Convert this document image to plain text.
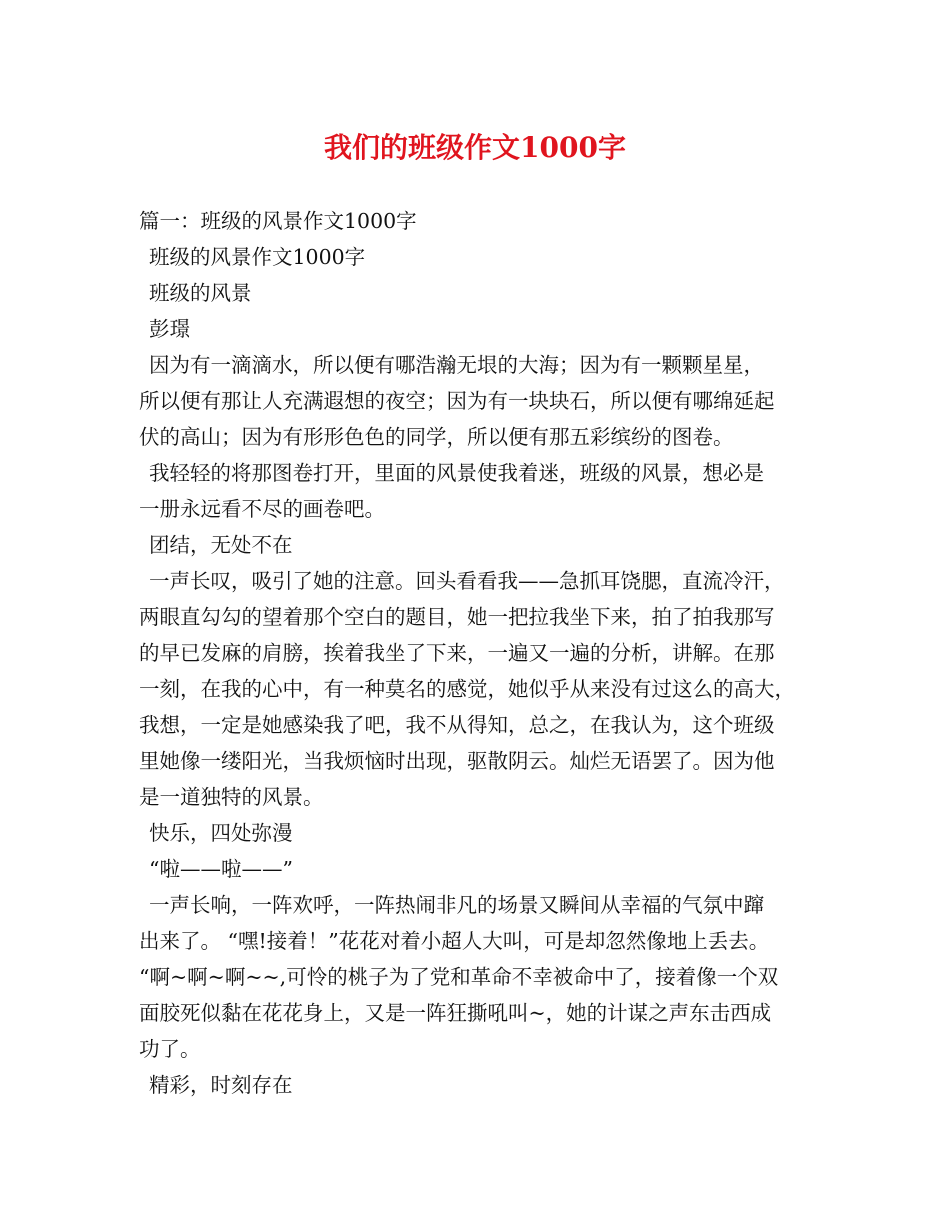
我们的班级作文1000字
篇一：班级的风景作文1000字
班级的风景作文1000字
班级的风景
彭璟
因为有一滴滴水，所以便有哪浩瀚无垠的大海；因为有一颗颗星星，
所以便有那让人充满遐想的夜空；因为有一块块石，所以便有哪绵延起
伏的高山；因为有形形色色的同学，所以便有那五彩缤纷的图卷。
我轻轻的将那图卷打开，里面的风景使我着迷，班级的风景，想必是
一册永远看不尽的画卷吧。
团结，无处不在
一声长叹，吸引了她的注意。回头看看我——急抓耳饶腮，直流冷汗，
两眼直勾勾的望着那个空白的题目，她一把拉我坐下来，拍了拍我那写
的早已发麻的肩膀，挨着我坐了下来，一遍又一遍的分析，讲解。在那
一刻，在我的心中，有一种莫名的感觉，她似乎从来没有过这么的高大，
我想，一定是她感染我了吧，我不从得知，总之，在我认为，这个班级
里她像一缕阳光，当我烦恼时出现，驱散阴云。灿烂无语罢了。因为他
是一道独特的风景。
快乐，四处弥漫
“啦——啦——”
一声长响，一阵欢呼，一阵热闹非凡的场景又瞬间从幸福的气氛中蹿
出来了。 “嘿!接着！”花花对着小超人大叫，可是却忽然像地上丢去。
“啊~啊~啊~~,可怜的桃子为了党和革命不幸被命中了，接着像一个双
面胶死似黏在花花身上，又是一阵狂撕吼叫~，她的计谋之声东击西成
功了。
精彩，时刻存在
